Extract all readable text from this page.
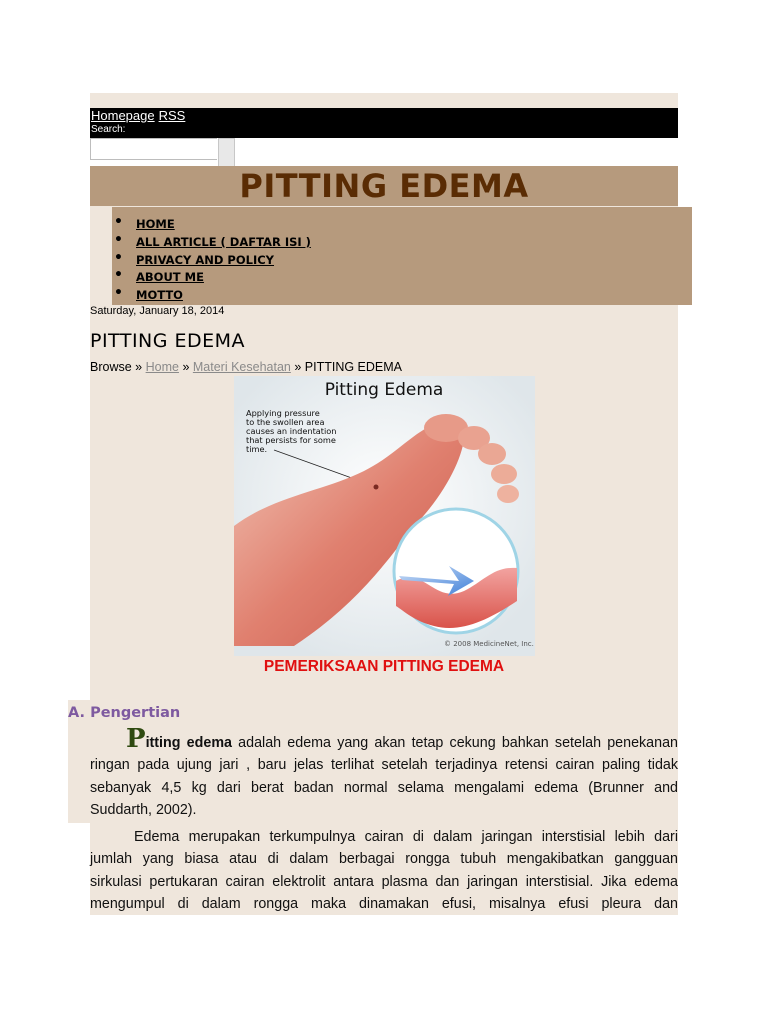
Homepage RSS
Search:
PITTING EDEMA
• HOME
• ALL ARTICLE ( DAFTAR ISI )
• PRIVACY AND POLICY
• ABOUT ME
• MOTTO
Saturday, January 18, 2014
PITTING EDEMA
Browse » Home » Materi Kesehatan » PITTING EDEMA
Pitting Edema
Applying pressure
to the swollen area
causes an indentation
that persists for some
time.
© 2008 MedicineNet, Inc.
PEMERIKSAAN PITTING EDEMA
A. Pengertian
Pitting edema adalah edema yang akan tetap cekung bahkan setelah penekanan
ringan pada ujung jari , baru jelas terlihat setelah terjadinya retensi cairan paling tidak
sebanyak 4,5 kg dari berat badan normal selama mengalami edema (Brunner and
Suddarth, 2002).
Edema merupakan terkumpulnya cairan di dalam jaringan interstisial lebih dari
jumlah yang biasa atau di dalam berbagai rongga tubuh mengakibatkan gangguan
sirkulasi pertukaran cairan elektrolit antara plasma dan jaringan interstisial. Jika edema
mengumpul di dalam rongga maka dinamakan efusi, misalnya efusi pleura dan
